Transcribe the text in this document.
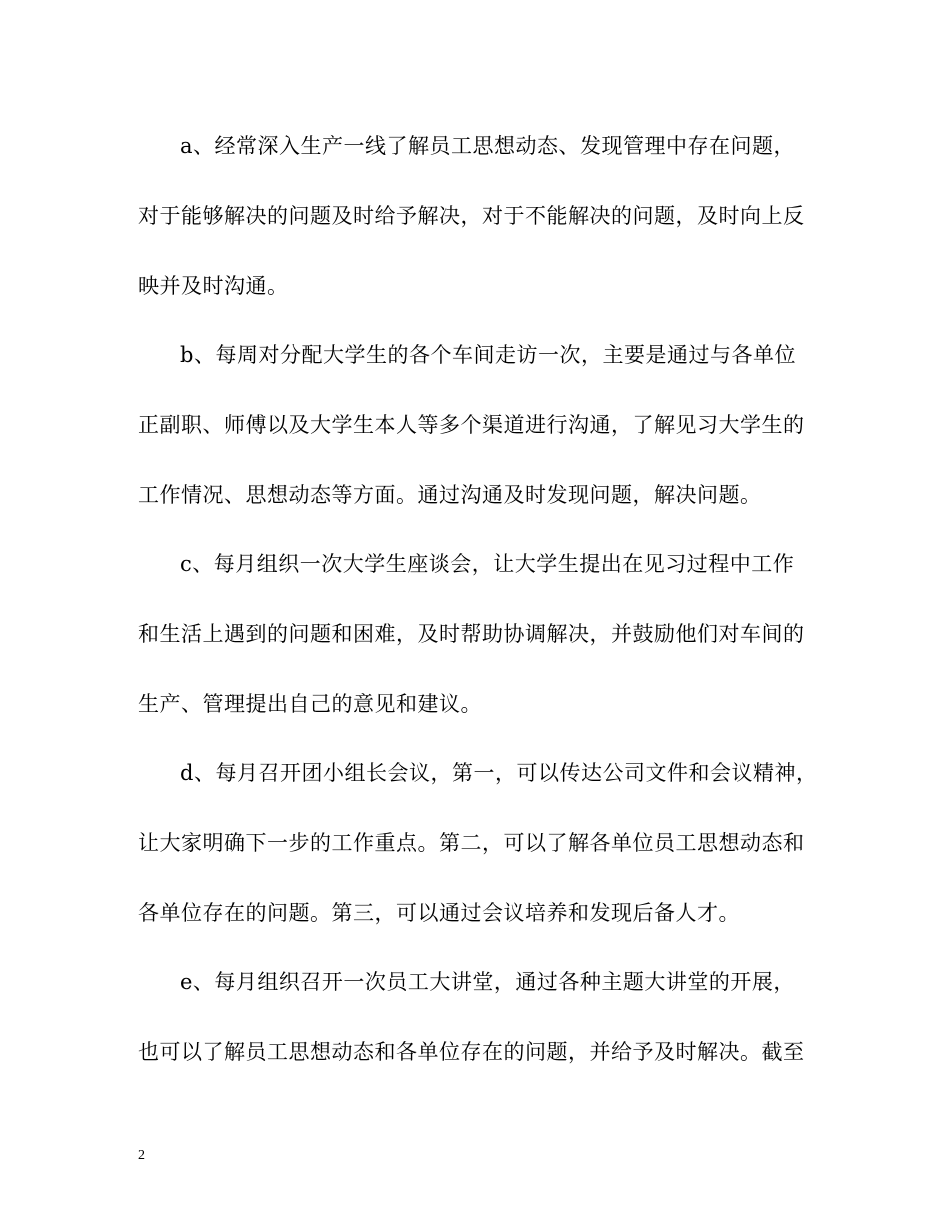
a、经常深入生产一线了解员工思想动态、发现管理中存在问题，
对于能够解决的问题及时给予解决，对于不能解决的问题，及时向上反
映并及时沟通。
b、每周对分配大学生的各个车间走访一次，主要是通过与各单位
正副职、师傅以及大学生本人等多个渠道进行沟通，了解见习大学生的
工作情况、思想动态等方面。通过沟通及时发现问题，解决问题。
c、每月组织一次大学生座谈会，让大学生提出在见习过程中工作
和生活上遇到的问题和困难，及时帮助协调解决，并鼓励他们对车间的
生产、管理提出自己的意见和建议。
d、每月召开团小组长会议，第一，可以传达公司文件和会议精神，
让大家明确下一步的工作重点。第二，可以了解各单位员工思想动态和
各单位存在的问题。第三，可以通过会议培养和发现后备人才。
e、每月组织召开一次员工大讲堂，通过各种主题大讲堂的开展，
也可以了解员工思想动态和各单位存在的问题，并给予及时解决。截至
2
